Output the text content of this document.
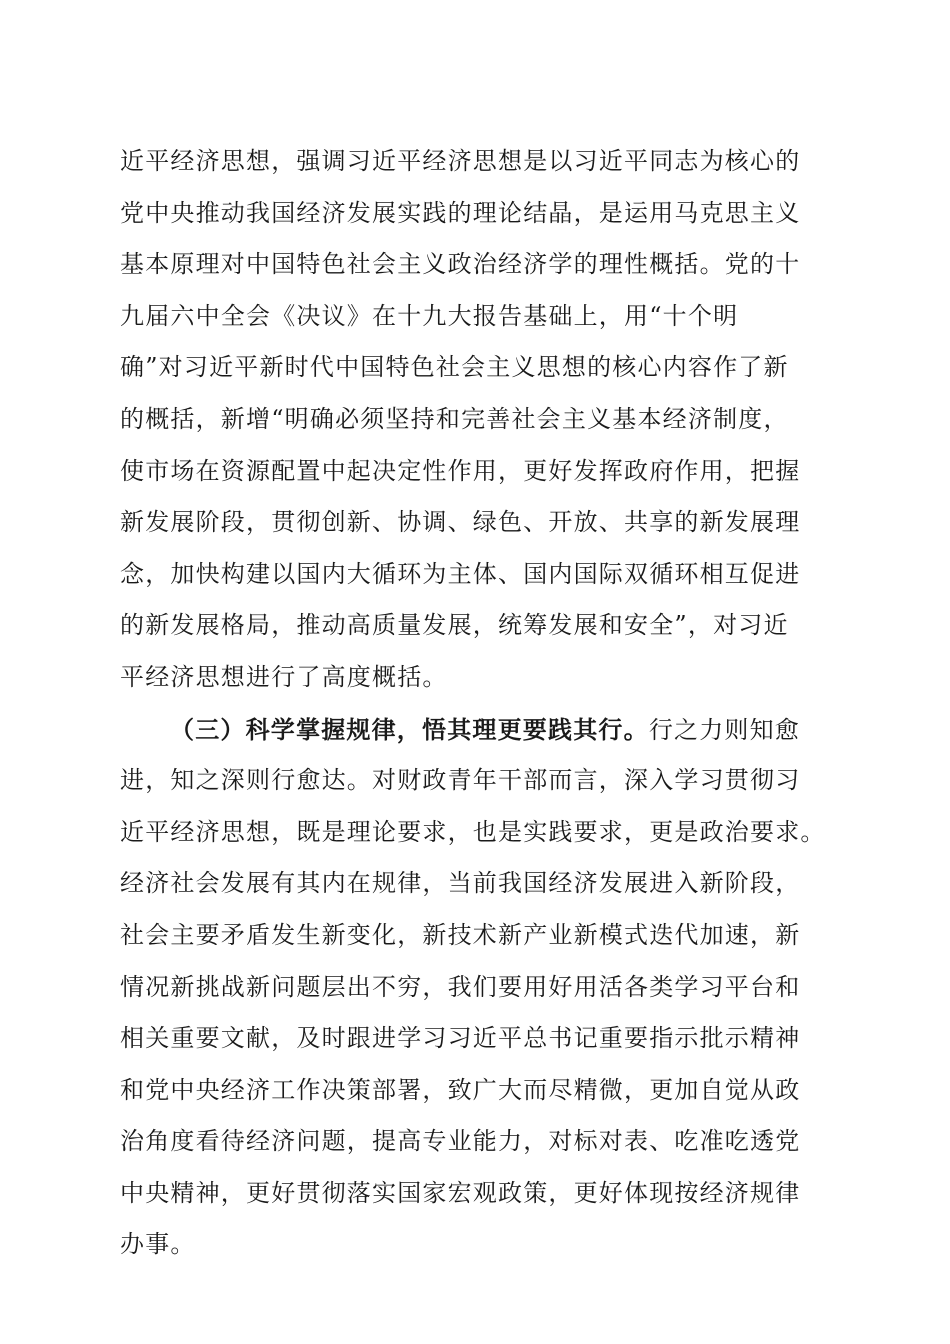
近平经济思想，强调习近平经济思想是以习近平同志为核心的
党中央推动我国经济发展实践的理论结晶，是运用马克思主义
基本原理对中国特色社会主义政治经济学的理性概括。党的十
九届六中全会《决议》在十九大报告基础上，用“十个明
确”对习近平新时代中国特色社会主义思想的核心内容作了新
的概括，新增“明确必须坚持和完善社会主义基本经济制度，
使市场在资源配置中起决定性作用，更好发挥政府作用，把握
新发展阶段，贯彻创新、协调、绿色、开放、共享的新发展理
念，加快构建以国内大循环为主体、国内国际双循环相互促进
的新发展格局，推动高质量发展，统筹发展和安全”，对习近
平经济思想进行了高度概括。
（三）科学掌握规律，悟其理更要践其行。行之力则知愈
进，知之深则行愈达。对财政青年干部而言，深入学习贯彻习
近平经济思想，既是理论要求，也是实践要求，更是政治要求。
经济社会发展有其内在规律，当前我国经济发展进入新阶段，
社会主要矛盾发生新变化，新技术新产业新模式迭代加速，新
情况新挑战新问题层出不穷，我们要用好用活各类学习平台和
相关重要文献，及时跟进学习习近平总书记重要指示批示精神
和党中央经济工作决策部署，致广大而尽精微，更加自觉从政
治角度看待经济问题，提高专业能力，对标对表、吃准吃透党
中央精神，更好贯彻落实国家宏观政策，更好体现按经济规律
办事。
